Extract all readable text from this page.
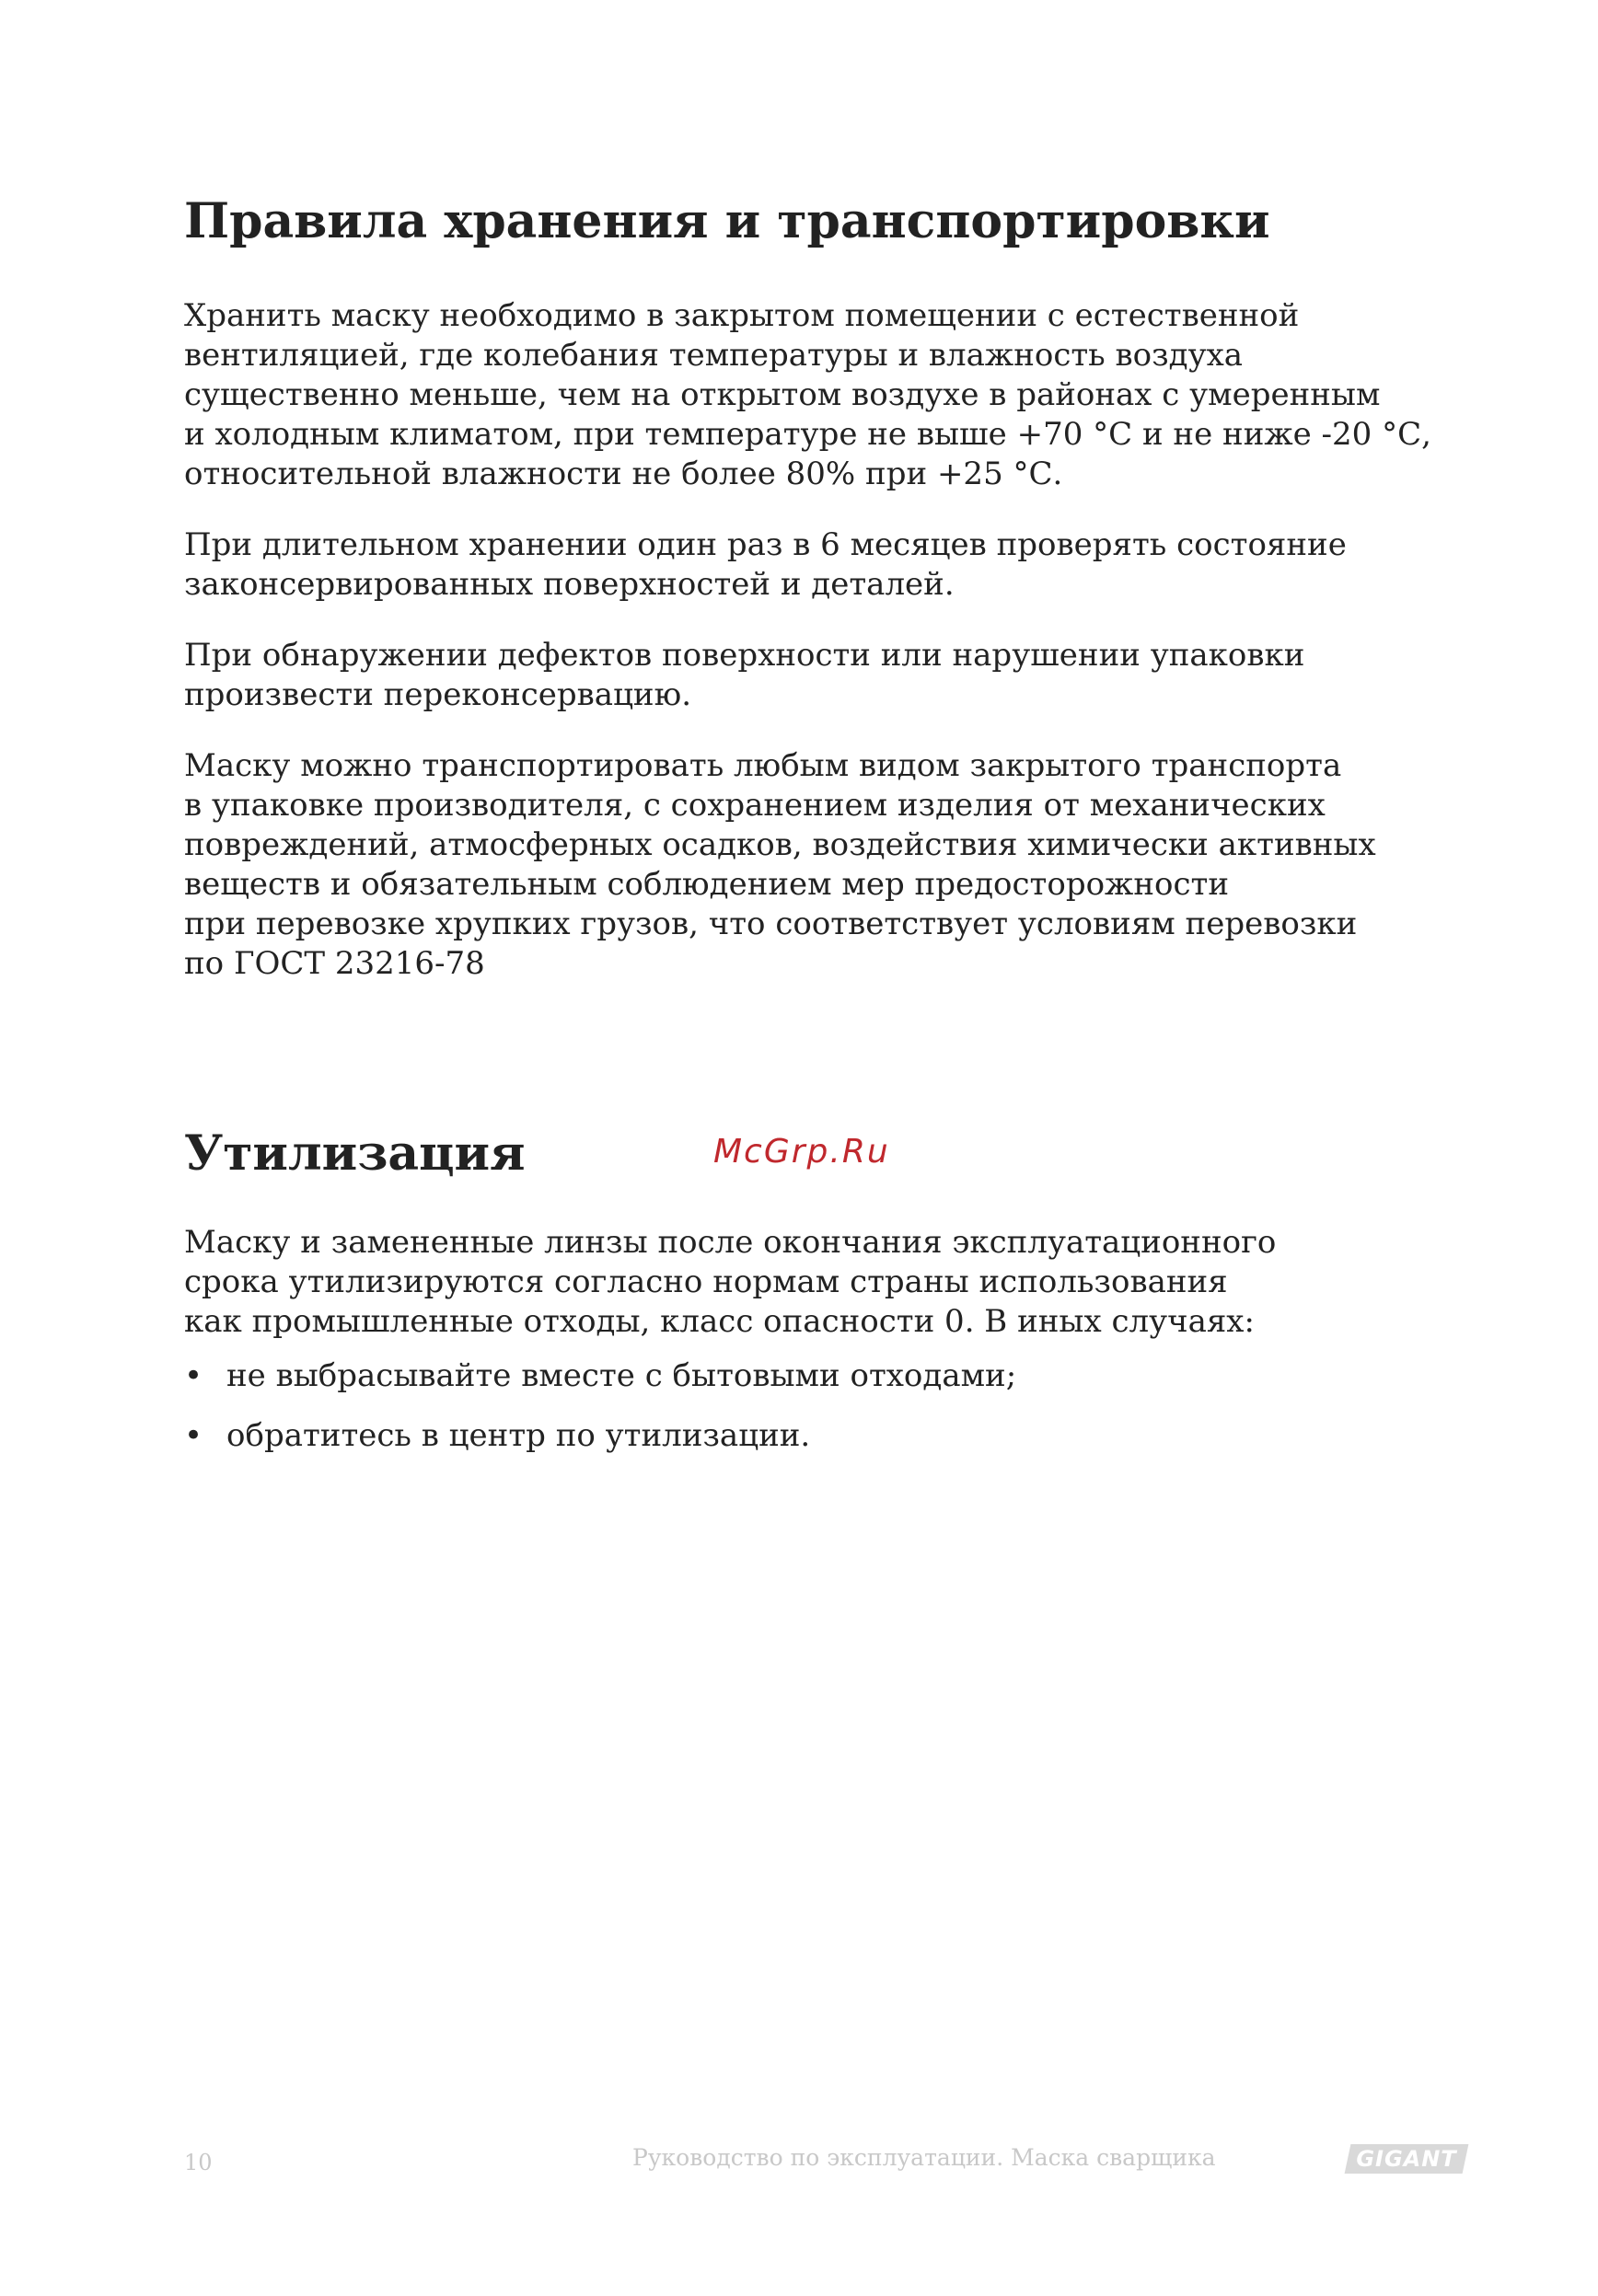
Правила хранения и транспортировки

Хранить маску необходимо в закрытом помещении с естественной
вентиляцией, где колебания температуры и влажность воздуха
существенно меньше, чем на открытом воздухе в районах с умеренным
и холодным климатом, при температуре не выше +70 °С и не ниже -20 °С,
относительной влажности не более 80% при +25 °С.

При длительном хранении один раз в 6 месяцев проверять состояние
законсервированных поверхностей и деталей.

При обнаружении дефектов поверхности или нарушении упаковки
произвести переконсервацию.

Маску можно транспортировать любым видом закрытого транспорта
в упаковке производителя, с сохранением изделия от механических
повреждений, атмосферных осадков, воздействия химически активных
веществ и обязательным соблюдением мер предосторожности
при перевозке хрупких грузов, что соответствует условиям перевозки
по ГОСТ 23216-78

Утилизация	McGrp.Ru

Маску и замененные линзы после окончания эксплуатационного
срока утилизируются согласно нормам страны использования
как промышленные отходы, класс опасности 0. В иных случаях:

• не выбрасывайте вместе с бытовыми отходами;
• обратитесь в центр по утилизации.
10	Руководство по эксплуатации. Маска сварщика	GIGANT
